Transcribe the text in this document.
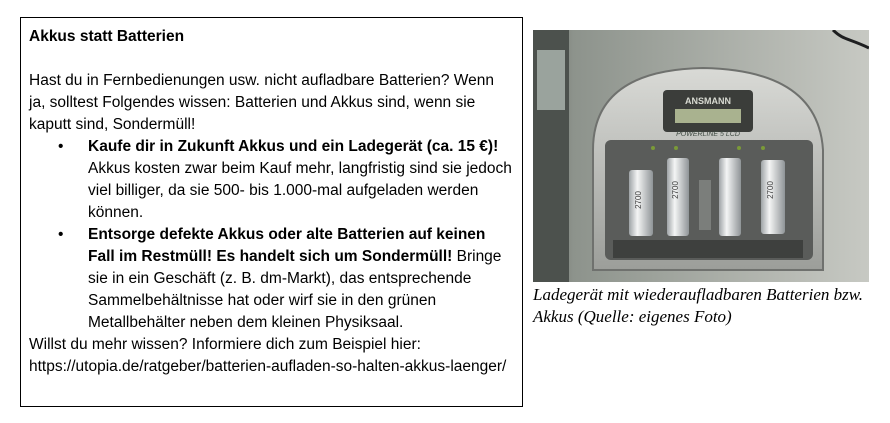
Akkus statt Batterien

Hast du in Fernbedienungen usw. nicht aufladbare Batterien? Wenn ja, solltest Folgendes wissen: Batterien und Akkus sind, wenn sie kaputt sind, Sondermüll!

• Kaufe dir in Zukunft Akkus und ein Ladegerät (ca. 15 €)! Akkus kosten zwar beim Kauf mehr, langfristig sind sie jedoch viel billiger, da sie 500- bis 1.000-mal aufgeladen werden können.
• Entsorge defekte Akkus oder alte Batterien auf keinen Fall im Restmüll! Es handelt sich um Sondermüll! Bringe sie in ein Geschäft (z. B. dm-Markt), das entsprechende Sammelbehältnisse hat oder wirf sie in den grünen Metallbehälter neben dem kleinen Physiksaal.

Willst du mehr wissen? Informiere dich zum Beispiel hier: https://utopia.de/ratgeber/batterien-aufladen-so-halten-akkus-laenger/

ANSMANN
POWERLINE 5 LCD
2700
2700	2700
Ladegerät mit wiederaufladbaren Batterien bzw. Akkus (Quelle: eigenes Foto)
